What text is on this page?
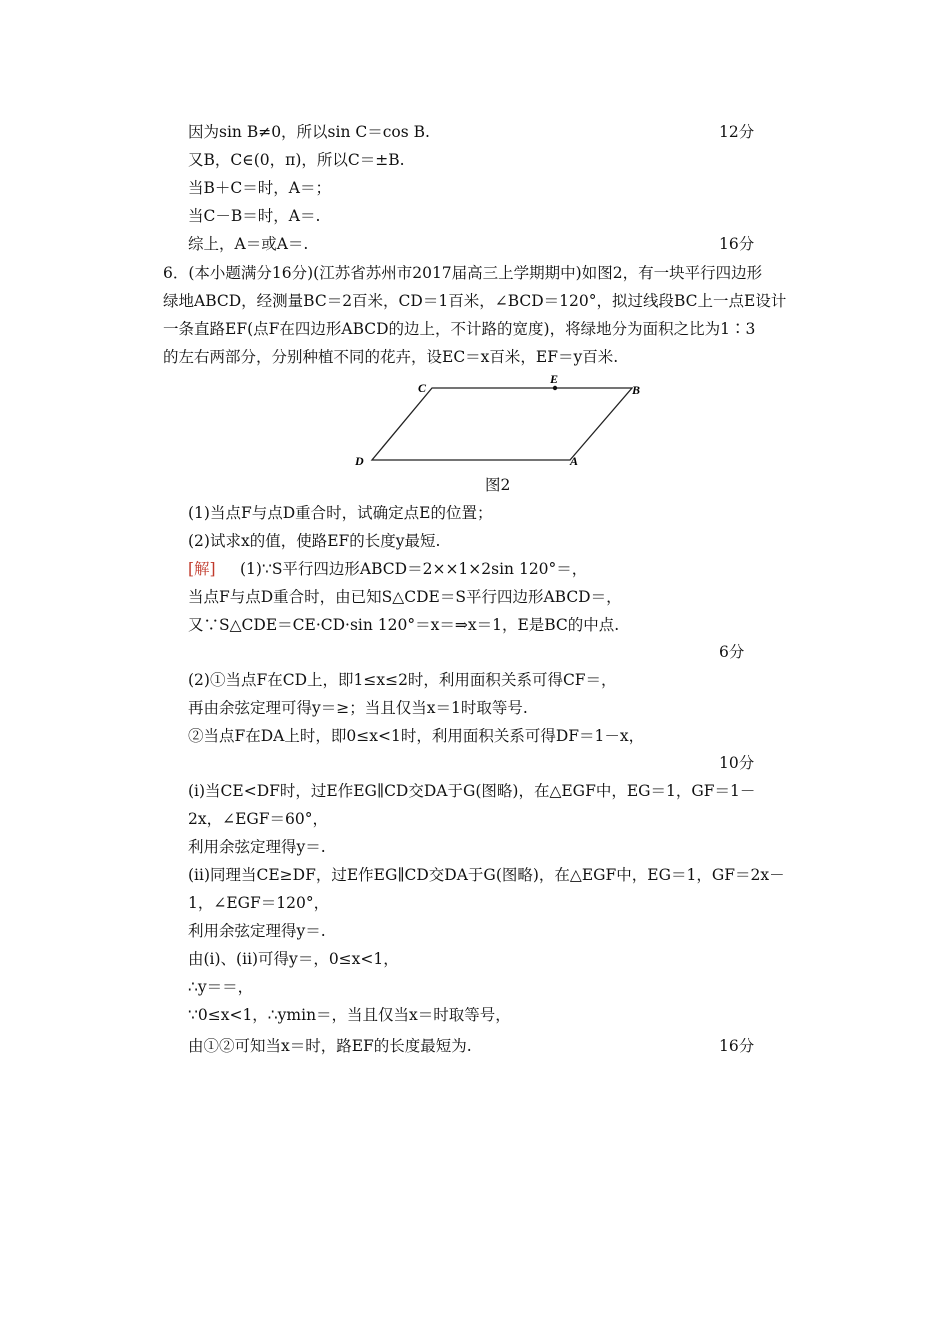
因为sin B≠0，所以sin C＝cos B.
又B，C∈(0，π)，所以C＝±B.
当B＋C＝时，A＝；
当C－B＝时，A＝.
综上，A＝或A＝.
6．(本小题满分16分)(江苏省苏州市2017届高三上学期期中)如图2，有一块平行四边形
绿地ABCD，经测量BC＝2百米，CD＝1百米，∠BCD＝120°，拟过线段BC上一点E设计
一条直路EF(点F在四边形ABCD的边上，不计路的宽度)，将绿地分为面积之比为1∶3
的左右两部分，分别种植不同的花卉，设EC＝x百米，EF＝y百米.
(1)当点F与点D重合时，试确定点E的位置；
(2)试求x的值，使路EF的长度y最短.
(1)∵S平行四边形ABCD＝2××1×2sin 120°＝，
当点F与点D重合时，由已知S△CDE＝S平行四边形ABCD＝，
又∵S△CDE＝CE·CD·sin 120°＝x＝⇒x＝1，E是BC的中点.
(2)①当点F在CD上，即1≤x≤2时，利用面积关系可得CF＝，
再由余弦定理可得y＝≥；当且仅当x＝1时取等号.
②当点F在DA上时，即0≤x<1时，利用面积关系可得DF＝1－x，
(ⅰ)当CE<DF时，过E作EG∥CD交DA于G(图略)，在△EGF中，EG＝1，GF＝1－
2x，∠EGF＝60°，
利用余弦定理得y＝.
(ⅱ)同理当CE≥DF，过E作EG∥CD交DA于G(图略)，在△EGF中，EG＝1，GF＝2x－
1，∠EGF＝120°，
利用余弦定理得y＝.
由(ⅰ)、(ⅱ)可得y＝，0≤x<1，
∴y＝＝，
∵0≤x<1，∴ymin＝，当且仅当x＝时取等号，
由①②可知当x＝时，路EF的长度最短为.
12分
16分
6分
10分
16分
[解]
C
E
B
D	A
图2
